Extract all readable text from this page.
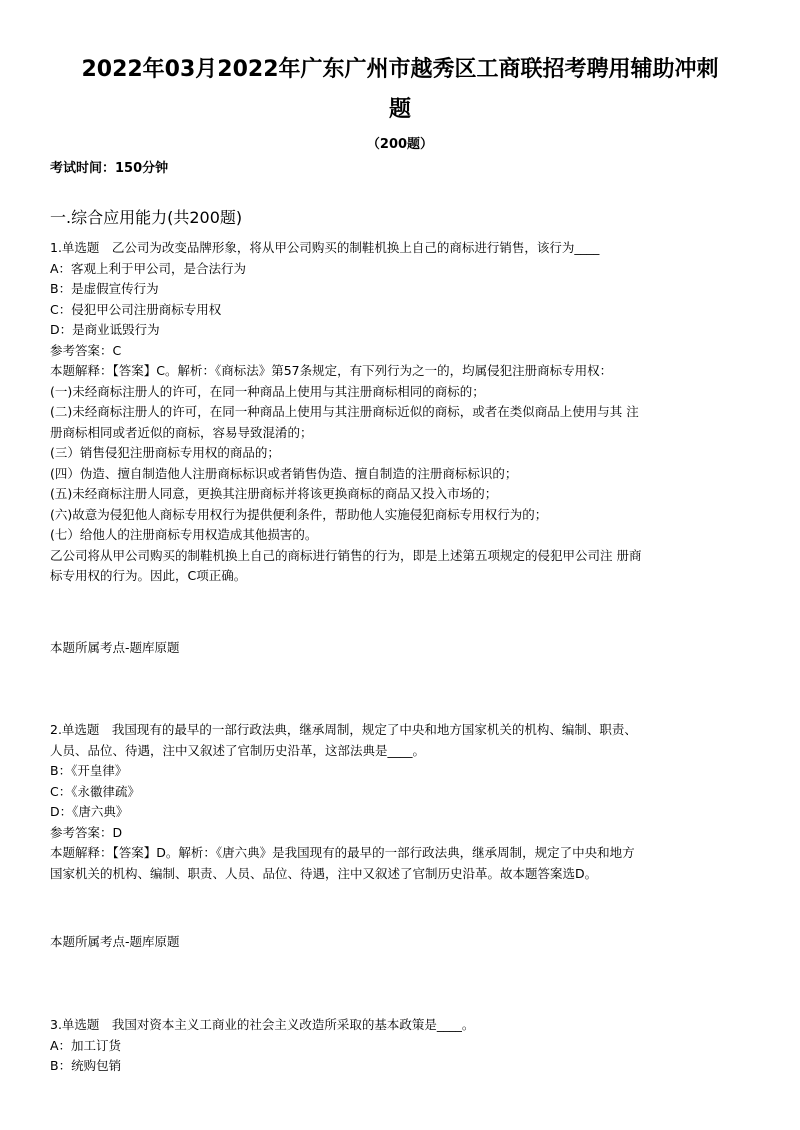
2022年03月2022年广东广州市越秀区工商联招考聘用辅助冲刺
题
（200题）
考试时间：150分钟
一.综合应用能力(共200题)

1.单选题　乙公司为改变品牌形象，将从甲公司购买的制鞋机换上自己的商标进行销售，该行为____

A：客观上利于甲公司，是合法行为

B：是虚假宣传行为

C：侵犯甲公司注册商标专用权

D：是商业诋毁行为

参考答案：C

本题解释：【答案】C。解析：《商标法》第57条规定，有下列行为之一的，均属侵犯注册商标专用权：

(一)未经商标注册人的许可，在同一种商品上使用与其注册商标相同的商标的；

(二)未经商标注册人的许可，在同一种商品上使用与其注册商标近似的商标，或者在类似商品上使用与其 注

册商标相同或者近似的商标，容易导致混淆的；

(三）销售侵犯注册商标专用权的商品的；

(四）伪造、擅自制造他人注册商标标识或者销售伪造、擅自制造的注册商标标识的；

(五)未经商标注册人同意，更换其注册商标并将该更换商标的商品又投入市场的；

(六)故意为侵犯他人商标专用权行为提供便利条件，帮助他人实施侵犯商标专用权行为的；

(七）给他人的注册商标专用权造成其他损害的。

乙公司将从甲公司购买的制鞋机换上自己的商标进行销售的行为，即是上述第五项规定的侵犯甲公司注 册商

标专用权的行为。因此，C项正确。

本题所属考点-题库原题

2.单选题　我国现有的最早的一部行政法典，继承周制，规定了中央和地方国家机关的机构、编制、职责、

人员、品位、待遇，注中又叙述了官制历史沿革，这部法典是____。

B：《开皇律》

C：《永徽律疏》

D：《唐六典》

参考答案：D

本题解释：【答案】D。解析：《唐六典》是我国现有的最早的一部行政法典，继承周制，规定了中央和地方

国家机关的机构、编制、职责、人员、品位、待遇，注中又叙述了官制历史沿革。故本题答案选D。

本题所属考点-题库原题

3.单选题　我国对资本主义工商业的社会主义改造所采取的基本政策是____。

A：加工订货

B：统购包销
